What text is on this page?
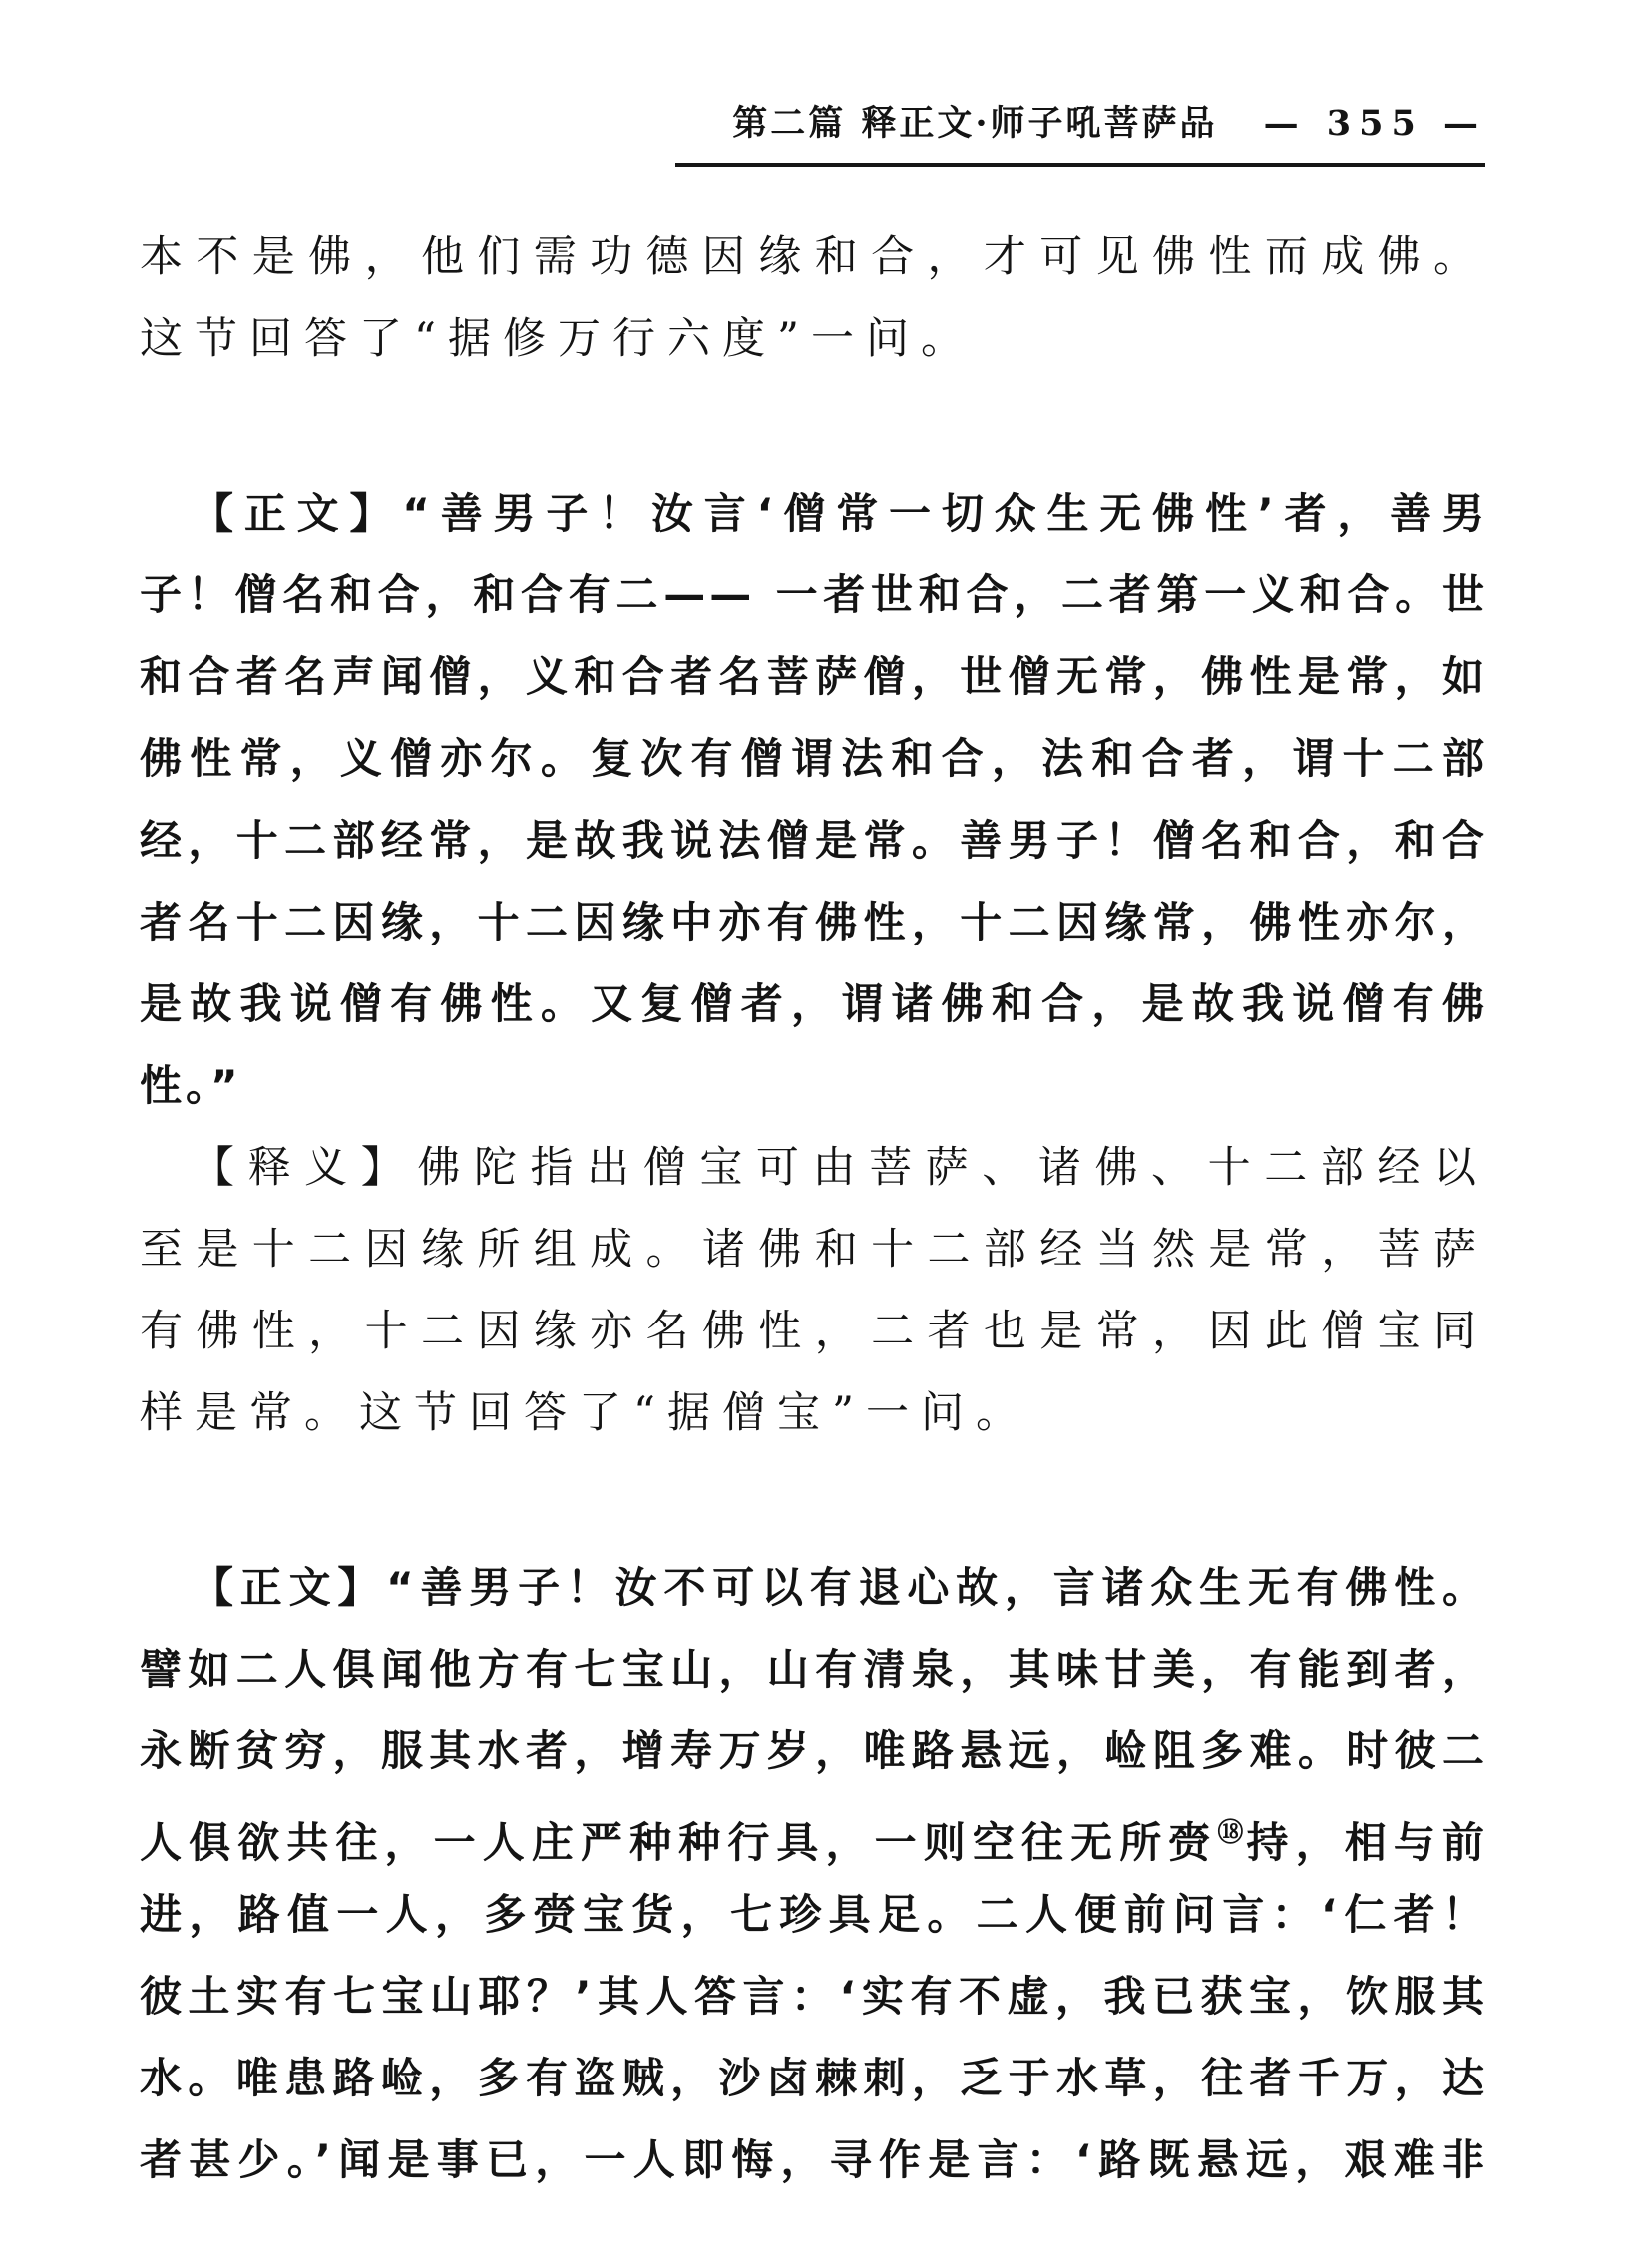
第二篇 释正文·师子吼菩萨品 — 355 —
本不是佛，他们需功德因缘和合，才可见佛性而成佛。
这节回答了“据修万行六度”一问。
【正文】“善男子！汝言‘僧常一切众生无佛性’者，善男
子！僧名和合，和合有二—— 一者世和合，二者第一义和合。世
和合者名声闻僧，义和合者名菩萨僧，世僧无常，佛性是常，如
佛性常，义僧亦尔。复次有僧谓法和合，法和合者，谓十二部
经，十二部经常，是故我说法僧是常。善男子！僧名和合，和合
者名十二因缘，十二因缘中亦有佛性，十二因缘常，佛性亦尔，
是故我说僧有佛性。又复僧者，谓诸佛和合，是故我说僧有佛
性。”
【释义】佛陀指出僧宝可由菩萨、诸佛、十二部经以
至是十二因缘所组成。诸佛和十二部经当然是常，菩萨
有佛性，十二因缘亦名佛性，二者也是常，因此僧宝同
样是常。这节回答了“据僧宝”一问。
【正文】“善男子！汝不可以有退心故，言诸众生无有佛性。
譬如二人俱闻他方有七宝山，山有清泉，其味甘美，有能到者，
永断贫穷，服其水者，增寿万岁，唯路悬远，崄阻多难。时彼二
人俱欲共往，一人庄严种种行具，一则空往无所赍⑱持，相与前
进，路值一人，多赍宝货，七珍具足。二人便前问言：‘仁者！
彼土实有七宝山耶？’其人答言：‘实有不虚，我已获宝，饮服其
水。唯患路崄，多有盗贼，沙卤棘刺，乏于水草，往者千万，达
者甚少。’闻是事已，一人即悔，寻作是言：‘路既悬远，艰难非
